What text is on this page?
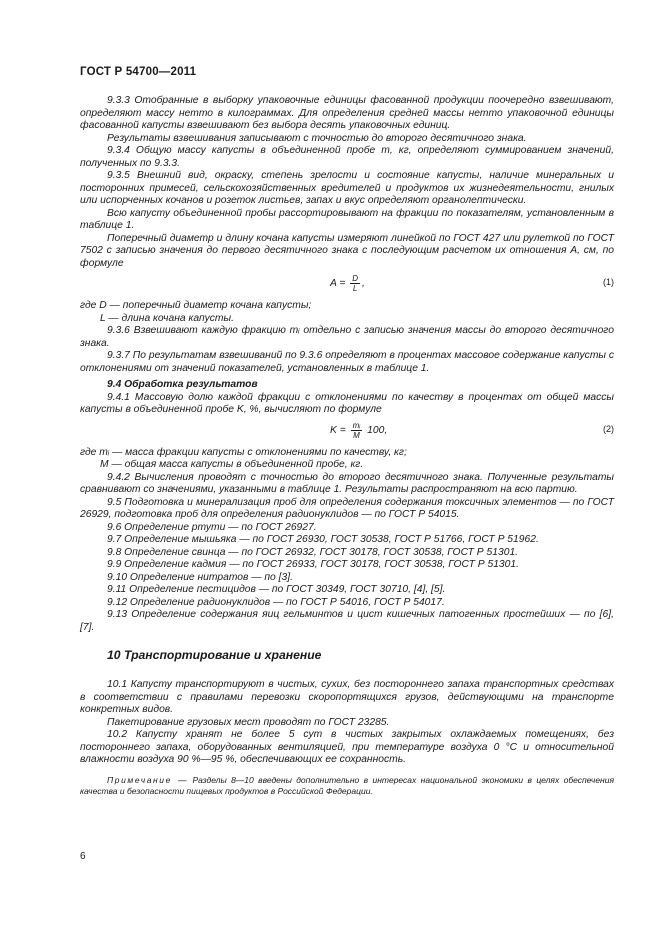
ГОСТ Р 54700—2011

9.3.3 Отобранные в выборку упаковочные единицы фасованной продукции поочередно взвешивают, определяют массу нетто в килограммах. Для определения средней массы нетто упаковочной единицы фасованной капусты взвешивают без выбора десять упаковочных единиц.

Результаты взвешивания записывают с точностью до второго десятичного знака.

9.3.4 Общую массу капусты в объединенной пробе m, кг, определяют суммированием значений, полученных по 9.3.3.

9.3.5 Внешний вид, окраску, степень зрелости и состояние капусты, наличие минеральных и посторонних примесей, сельскохозяйственных вредителей и продуктов их жизнедеятельности, гнилых или испорченных кочанов и розеток листьев, запах и вкус определяют органолептически.

Всю капусту объединенной пробы рассортировывают на фракции по показателям, установленным в таблице 1.

Поперечный диаметр и длину кочана капусты измеряют линейкой по ГОСТ 427 или рулеткой по ГОСТ 7502 с записью значения до первого десятичного знака с последующим расчетом их отношения А, см, по формуле

$A = \frac{D}{L}$ ,	(1)

где D — поперечный диаметр кочана капусты;

L — длина кочана капусты.

9.3.6 Взвешивают каждую фракцию mᵢ отдельно с записью значения массы до второго десятичного знака.

9.3.7 По результатам взвешиваний по 9.3.6 определяют в процентах массовое содержание капусты с отклонениями от значений показателей, установленных в таблице 1.

9.4 Обработка результатов

9.4.1 Массовую долю каждой фракции с отклонениями по качеству в процентах от общей массы капусты в объединенной пробе K, %, вычисляют по формуле

$K = \frac{\text{mᵢ}}{M} 100$,	(2)

где mᵢ — масса фракции капусты с отклонениями по качеству, кг;

M — общая масса капусты в объединенной пробе, кг.

9.4.2 Вычисления проводят с точностью до второго десятичного знака. Полученные результаты сравнивают со значениями, указанными в таблице 1. Результаты распространяют на всю партию.

9.5 Подготовка и минерализация проб для определения содержания токсичных элементов — по ГОСТ 26929, подготовка проб для определения радионуклидов — по ГОСТ Р 54015.

9.6 Определение ртути — по ГОСТ 26927.

9.7 Определение мышьяка — по ГОСТ 26930, ГОСТ 30538, ГОСТ Р 51766, ГОСТ Р 51962.

9.8 Определение свинца — по ГОСТ 26932, ГОСТ 30178, ГОСТ 30538, ГОСТ Р 51301.

9.9 Определение кадмия — по ГОСТ 26933, ГОСТ 30178, ГОСТ 30538, ГОСТ Р 51301.

9.10 Определение нитратов — по [3].

9.11 Определение пестицидов — по ГОСТ 30349, ГОСТ 30710, [4], [5].

9.12 Определение радионуклидов — по ГОСТ Р 54016, ГОСТ Р 54017.

9.13 Определение содержания яиц гельминтов и цист кишечных патогенных простейших — по [6], [7].

10 Транспортирование и хранение

10.1 Капусту транспортируют в чистых, сухих, без постороннего запаха транспортных средствах в соответствии с правилами перевозки скоропортящихся грузов, действующими на транспорте конкретных видов.

Пакетирование грузовых мест проводят по ГОСТ 23285.

10.2 Капусту хранят не более 5 сут в чистых закрытых охлаждаемых помещениях, без постороннего запаха, оборудованных вентиляцией, при температуре воздуха 0 °С и относительной влажности воздуха 90 %—95 %, обеспечивающих ее сохранность.

Примечание — Разделы 8—10 введены дополнительно в интересах национальной экономики в целях обеспечения качества и безопасности пищевых продуктов в Российской Федерации.

6
